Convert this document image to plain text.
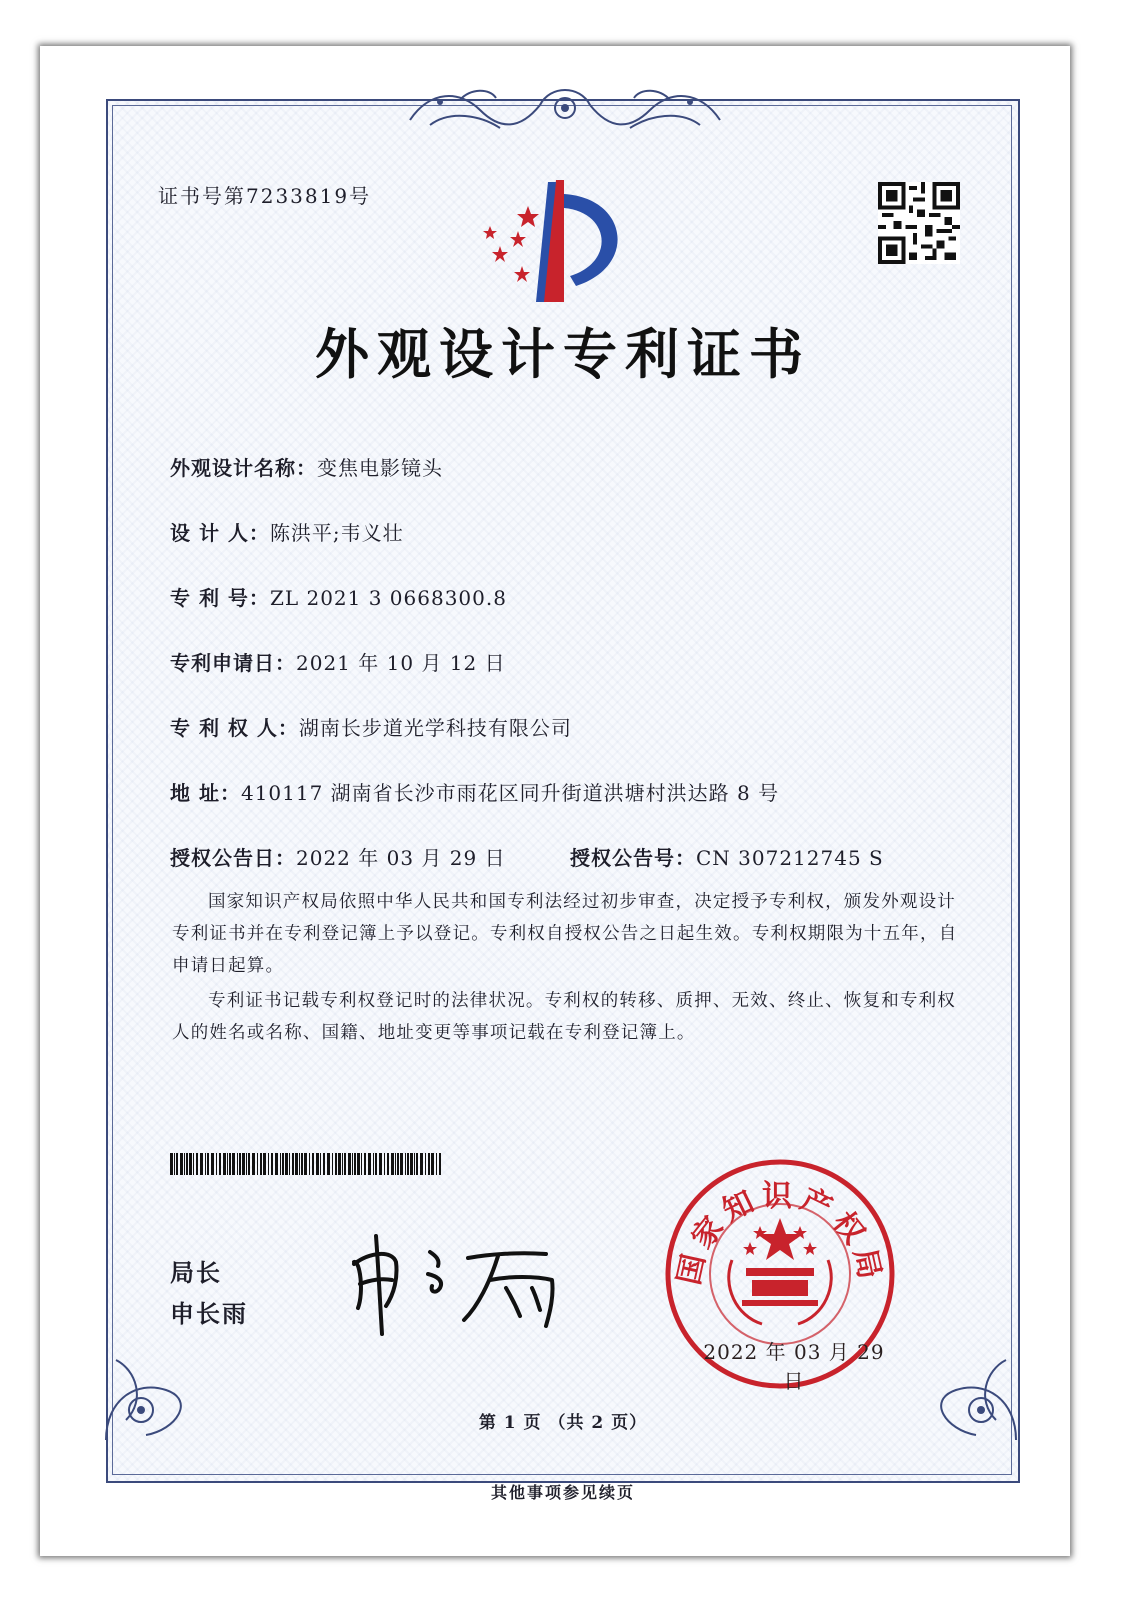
证书号第7233819号
外观设计专利证书
外观设计名称：变焦电影镜头
设 计 人：陈洪平;韦义壮
专 利 号：ZL 2021 3 0668300.8
专利申请日：2021 年 10 月 12 日
专 利 权 人：湖南长步道光学科技有限公司
地 址：410117 湖南省长沙市雨花区同升街道洪塘村洪达路 8 号
授权公告日：2022 年 03 月 29 日	授权公告号：CN 307212745 S

国家知识产权局依照中华人民共和国专利法经过初步审查，决定授予专利权，颁发外观设计专利证书并在专利登记簿上予以登记。专利权自授权公告之日起生效。专利权期限为十五年，自申请日起算。

专利证书记载专利权登记时的法律状况。专利权的转移、质押、无效、终止、恢复和专利权人的姓名或名称、国籍、地址变更等事项记载在专利登记簿上。

局长
申长雨
国家知识产权局
2022 年 03 月 29 日
第 1 页 （共 2 页）
其他事项参见续页
